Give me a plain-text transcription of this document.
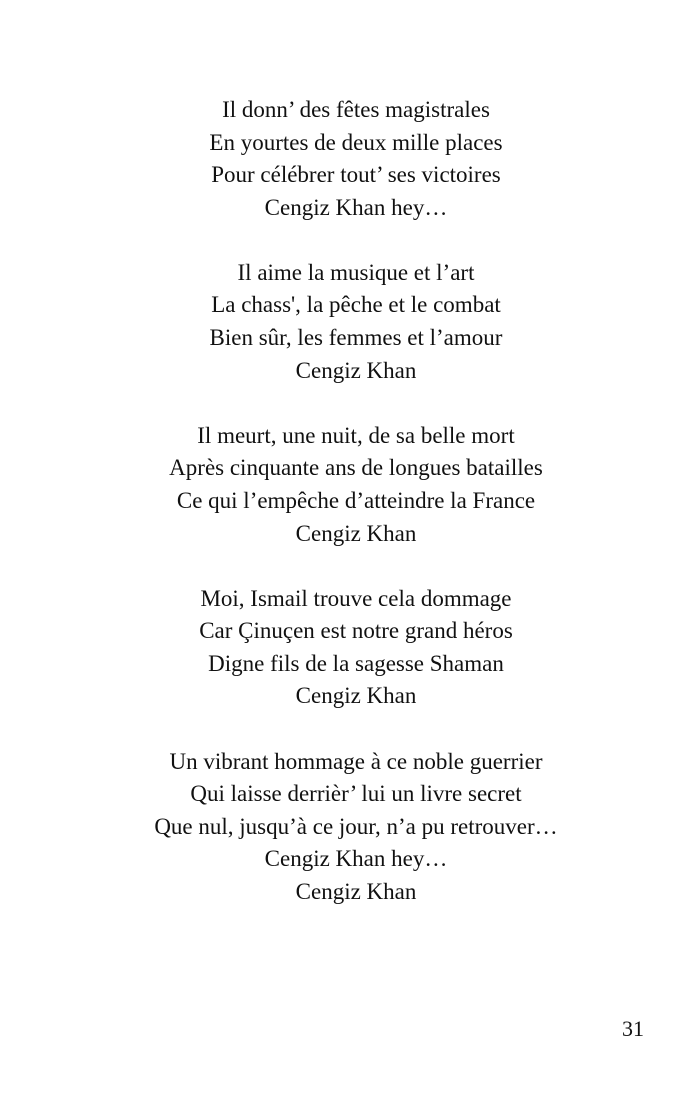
Il donn’ des fêtes magistrales
En yourtes de deux mille places
Pour célébrer tout’ ses victoires
Cengiz Khan hey…
Il aime la musique et l’art
La chass', la pêche et le combat
Bien sûr, les femmes et l’amour
Cengiz Khan
Il meurt, une nuit, de sa belle mort
Après cinquante ans de longues batailles
Ce qui l’empêche d’atteindre la France
Cengiz Khan
Moi, Ismail trouve cela dommage
Car Çinuçen est notre grand héros
Digne fils de la sagesse Shaman
Cengiz Khan
Un vibrant hommage à ce noble guerrier
Qui laisse derrièr’ lui un livre secret
Que nul, jusqu’à ce jour, n’a pu retrouver…
Cengiz Khan hey…
Cengiz Khan
31
